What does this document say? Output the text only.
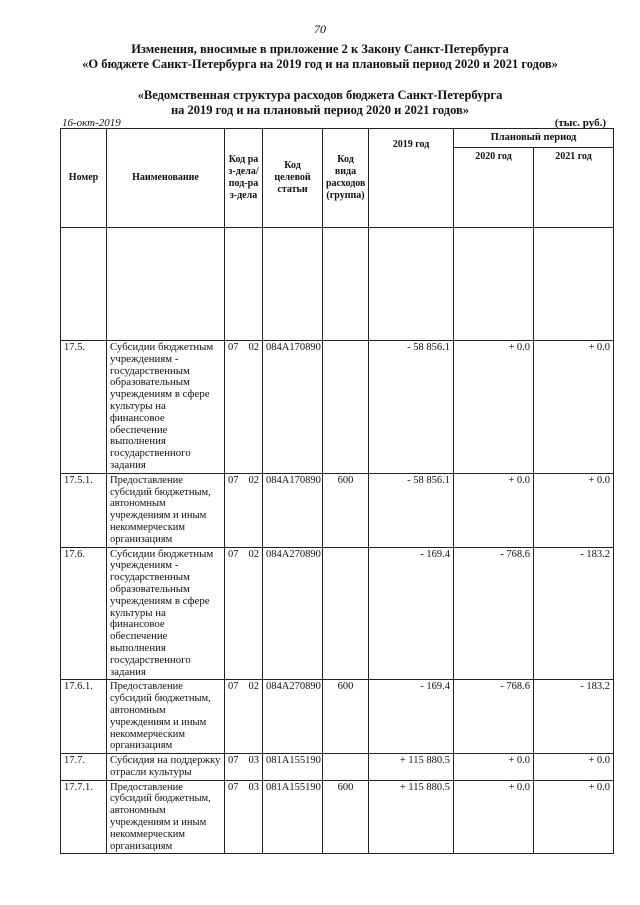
70
Изменения, вносимые в приложение 2 к Закону Санкт-Петербурга
«О бюджете Санкт-Петербурга на 2019 год и на плановый период 2020 и 2021 годов»
«Ведомственная структура расходов бюджета Санкт-Петербурга
на 2019 год и на плановый период 2020 и 2021 годов»
16-окт-2019	(тыс. руб.)
Номер	Наименование	Код раз-дела/ под-раз-дела	Код целевой статьи	Код вида расходов (группа)	2019 год	Плановый период	
						2020 год	2021 год

17.5.	Субсидии бюджетным учреждениям - государственным образовательным учреждениям в сфере культуры на финансовое обеспечение выполнения государственного задания	07 02	084А170890		- 58 856.1	+ 0.0	+ 0.0
17.5.1.	Предоставление субсидий бюджетным, автономным учреждениям и иным некоммерческим организациям	07 02	084А170890	600	- 58 856.1	+ 0.0	+ 0.0
17.6.	Субсидии бюджетным учреждениям - государственным образовательным учреждениям в сфере культуры на финансовое обеспечение выполнения государственного задания	07 02	084А270890		- 169.4	- 768.6	- 183.2
17.6.1.	Предоставление субсидий бюджетным, автономным учреждениям и иным некоммерческим организациям	07 02	084А270890	600	- 169.4	- 768.6	- 183.2
17.7.	Субсидия на поддержку отрасли культуры	07 03	081А155190		+ 115 880.5	+ 0.0	+ 0.0
17.7.1.	Предоставление субсидий бюджетным, автономным учреждениям и иным некоммерческим организациям	07 03	081А155190	600	+ 115 880.5	+ 0.0	+ 0.0
